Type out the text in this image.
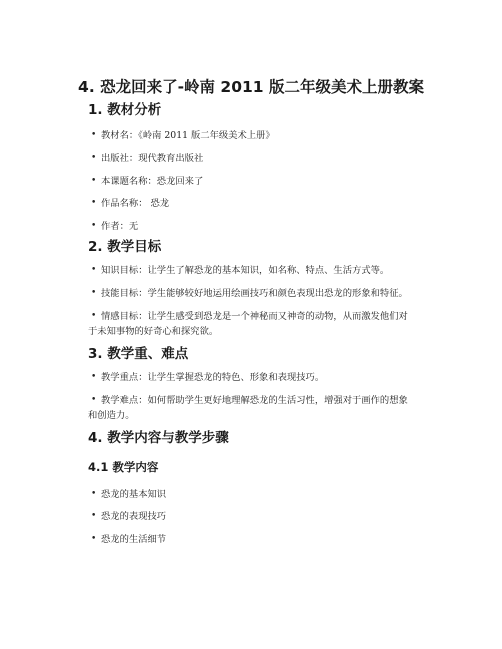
4. 恐龙回来了-岭南 2011 版二年级美术上册教案
1. 教材分析
• 教材名：《岭南 2011 版二年级美术上册》
• 出版社：现代教育出版社
• 本课题名称：恐龙回来了
• 作品名称： 恐龙
• 作者：无
2. 教学目标
• 知识目标：让学生了解恐龙的基本知识，如名称、特点、生活方式等。
• 技能目标：学生能够较好地运用绘画技巧和颜色表现出恐龙的形象和特征。
• 情感目标：让学生感受到恐龙是一个神秘而又神奇的动物，从而激发他们对
于未知事物的好奇心和探究欲。
3. 教学重、难点
• 教学重点：让学生掌握恐龙的特色、形象和表现技巧。
• 教学难点：如何帮助学生更好地理解恐龙的生活习性，增强对于画作的想象
和创造力。
4. 教学内容与教学步骤
4.1 教学内容
• 恐龙的基本知识
• 恐龙的表现技巧
• 恐龙的生活细节
